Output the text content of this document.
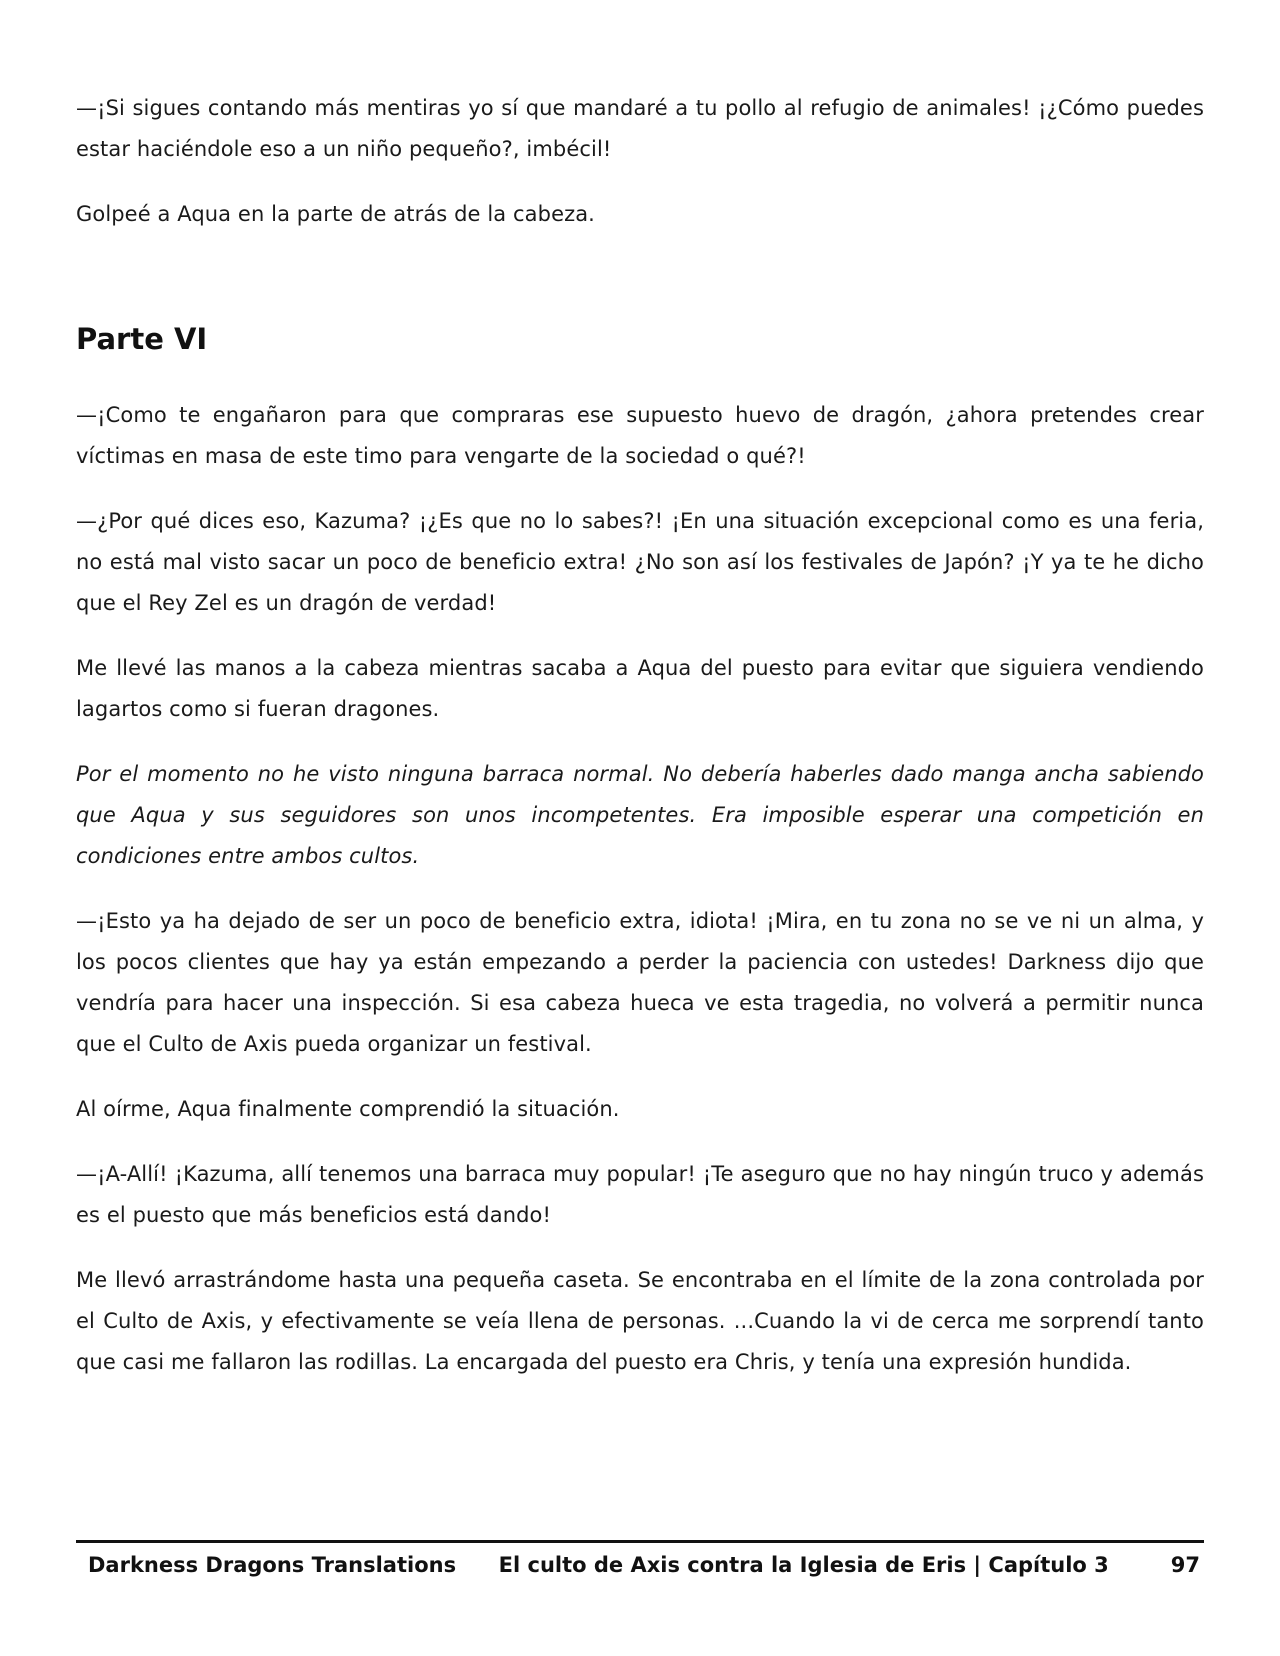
—¡Si sigues contando más mentiras yo sí que mandaré a tu pollo al refugio de animales! ¡¿Cómo puedes estar haciéndole eso a un niño pequeño?, imbécil!

Golpeé a Aqua en la parte de atrás de la cabeza.

Parte VI

—¡Como te engañaron para que compraras ese supuesto huevo de dragón, ¿ahora pretendes crear víctimas en masa de este timo para vengarte de la sociedad o qué?!

—¿Por qué dices eso, Kazuma? ¡¿Es que no lo sabes?! ¡En una situación excepcional como es una feria, no está mal visto sacar un poco de beneficio extra! ¿No son así los festivales de Japón? ¡Y ya te he dicho que el Rey Zel es un dragón de verdad!

Me llevé las manos a la cabeza mientras sacaba a Aqua del puesto para evitar que siguiera vendiendo lagartos como si fueran dragones.

Por el momento no he visto ninguna barraca normal. No debería haberles dado manga ancha sabiendo que Aqua y sus seguidores son unos incompetentes. Era imposible esperar una competición en condiciones entre ambos cultos.

—¡Esto ya ha dejado de ser un poco de beneficio extra, idiota! ¡Mira, en tu zona no se ve ni un alma, y los pocos clientes que hay ya están empezando a perder la paciencia con ustedes! Darkness dijo que vendría para hacer una inspección. Si esa cabeza hueca ve esta tragedia, no volverá a permitir nunca que el Culto de Axis pueda organizar un festival.

Al oírme, Aqua finalmente comprendió la situación.

—¡A-Allí! ¡Kazuma, allí tenemos una barraca muy popular! ¡Te aseguro que no hay ningún truco y además es el puesto que más beneficios está dando!

Me llevó arrastrándome hasta una pequeña caseta. Se encontraba en el límite de la zona controlada por el Culto de Axis, y efectivamente se veía llena de personas. ...Cuando la vi de cerca me sorprendí tanto que casi me fallaron las rodillas. La encargada del puesto era Chris, y tenía una expresión hundida.

Darkness Dragons Translations El culto de Axis contra la Iglesia de Eris | Capítulo 3	97
